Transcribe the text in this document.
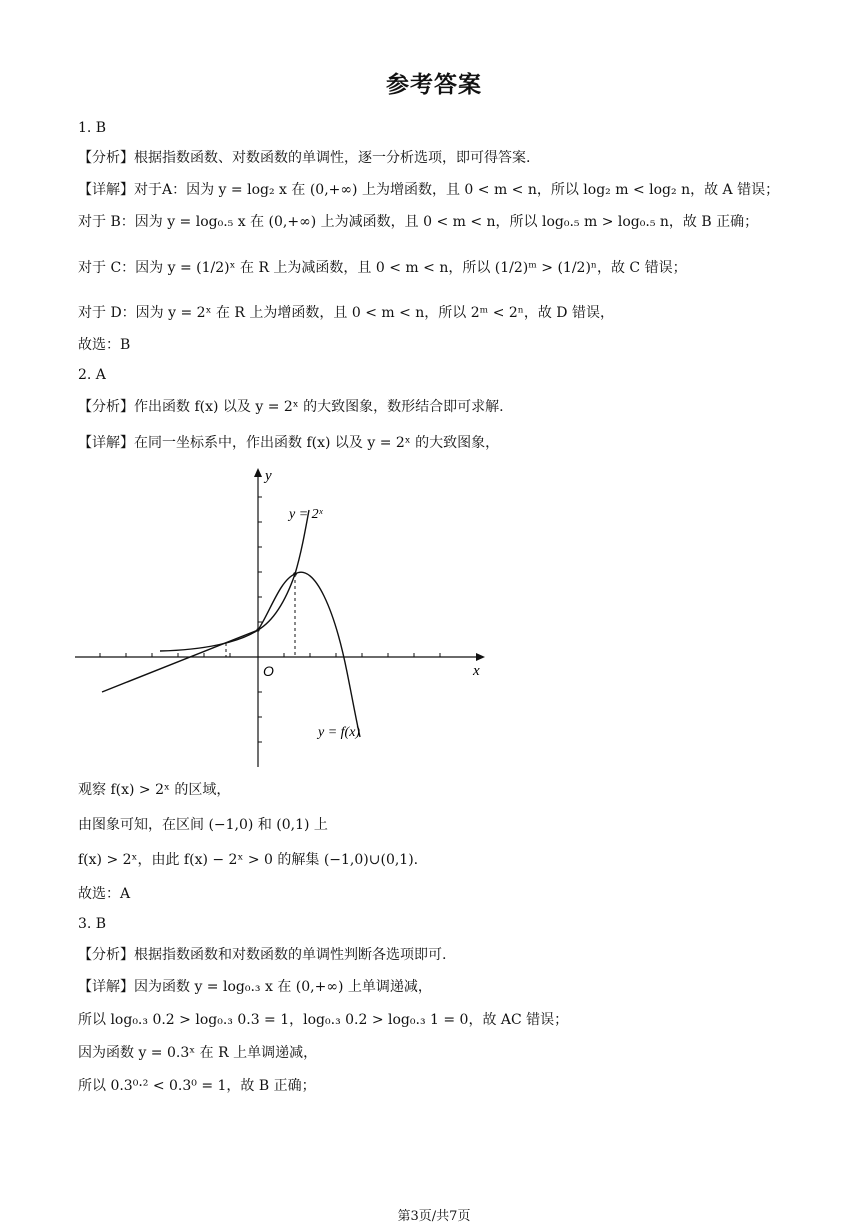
参考答案
1. B
【分析】根据指数函数、对数函数的单调性，逐一分析选项，即可得答案.
【详解】对于A：因为 y = log₂ x 在 (0,+∞) 上为增函数，且 0 < m < n，所以 log₂ m < log₂ n，故 A 错误；
对于 B：因为 y = log₀.₅ x 在 (0,+∞) 上为减函数，且 0 < m < n，所以 log₀.₅ m > log₀.₅ n，故 B 正确；
对于 C：因为 y = (1/2)ˣ 在 R 上为减函数，且 0 < m < n，所以 (1/2)ᵐ > (1/2)ⁿ，故 C 错误；
对于 D：因为 y = 2ˣ 在 R 上为增函数，且 0 < m < n，所以 2ᵐ < 2ⁿ，故 D 错误，
故选：B
2. A
【分析】作出函数 f(x) 以及 y = 2ˣ 的大致图象，数形结合即可求解.
【详解】在同一坐标系中，作出函数 f(x) 以及 y = 2ˣ 的大致图象，
y
x
O
y = 2ˣ
y = f(x)
观察 f(x) > 2ˣ 的区域，
由图象可知，在区间 (−1,0) 和 (0,1) 上
f(x) > 2ˣ，由此 f(x) − 2ˣ > 0 的解集 (−1,0)∪(0,1).
故选：A
3. B
【分析】根据指数函数和对数函数的单调性判断各选项即可.
【详解】因为函数 y = log₀.₃ x 在 (0,+∞) 上单调递减，
所以 log₀.₃ 0.2 > log₀.₃ 0.3 = 1，log₀.₃ 0.2 > log₀.₃ 1 = 0，故 AC 错误；
因为函数 y = 0.3ˣ 在 R 上单调递减，
所以 0.3⁰·² < 0.3⁰ = 1，故 B 正确；
第3页/共7页
